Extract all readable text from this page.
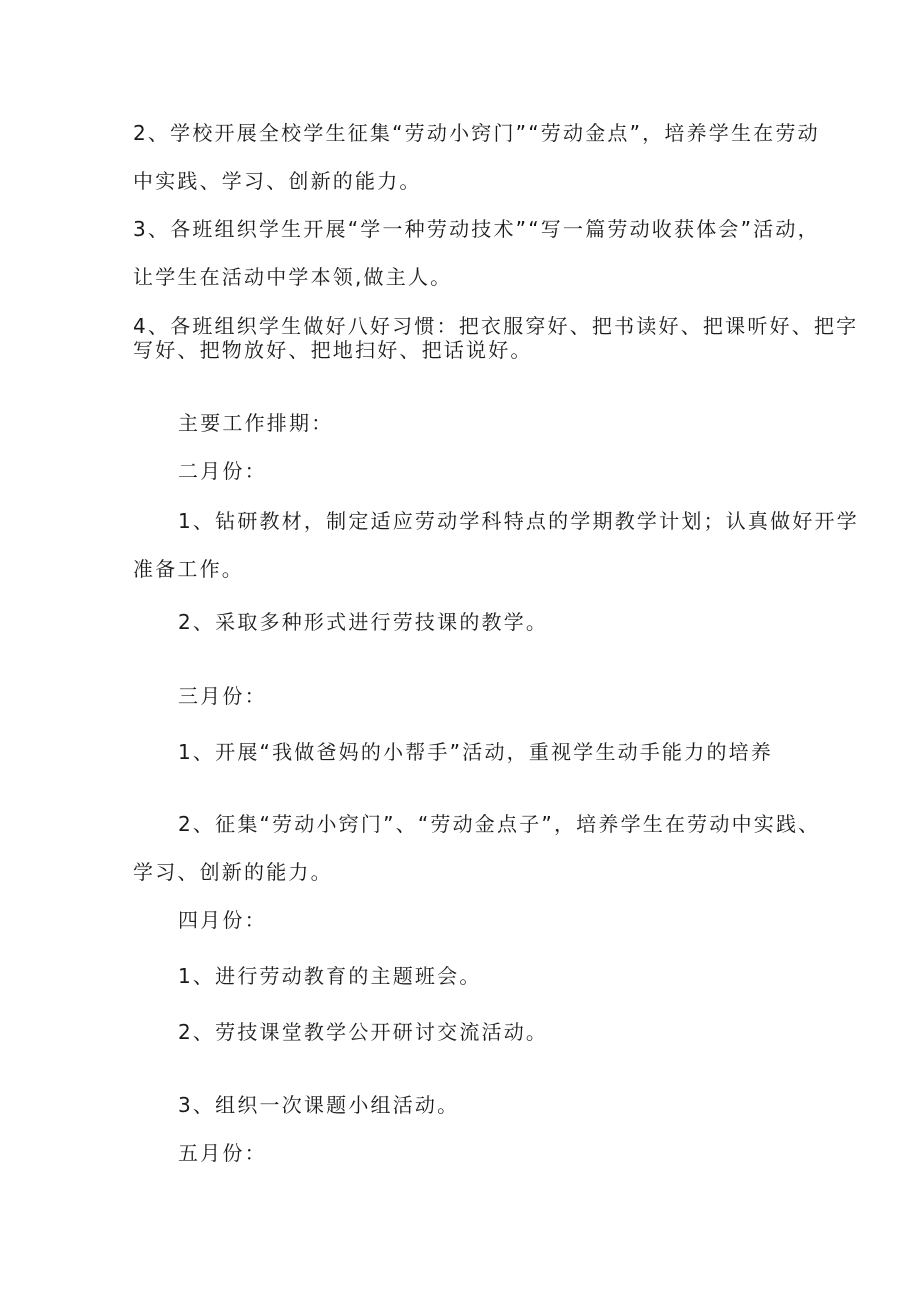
2、学校开展全校学生征集“劳动小窍门”“劳动金点”，培养学生在劳动
中实践、学习、创新的能力。
3、各班组织学生开展“学一种劳动技术”“写一篇劳动收获体会”活动，
让学生在活动中学本领,做主人。
4、各班组织学生做好八好习惯：把衣服穿好、把书读好、把课听好、把字
写好、把物放好、把地扫好、把话说好。
主要工作排期：
二月份：
1、钻研教材，制定适应劳动学科特点的学期教学计划；认真做好开学
准备工作。
2、采取多种形式进行劳技课的教学。
三月份：
1、开展“我做爸妈的小帮手”活动，重视学生动手能力的培养
2、征集“劳动小窍门”、“劳动金点子”，培养学生在劳动中实践、
学习、创新的能力。
四月份：
1、进行劳动教育的主题班会。
2、劳技课堂教学公开研讨交流活动。
3、组织一次课题小组活动。
五月份：
